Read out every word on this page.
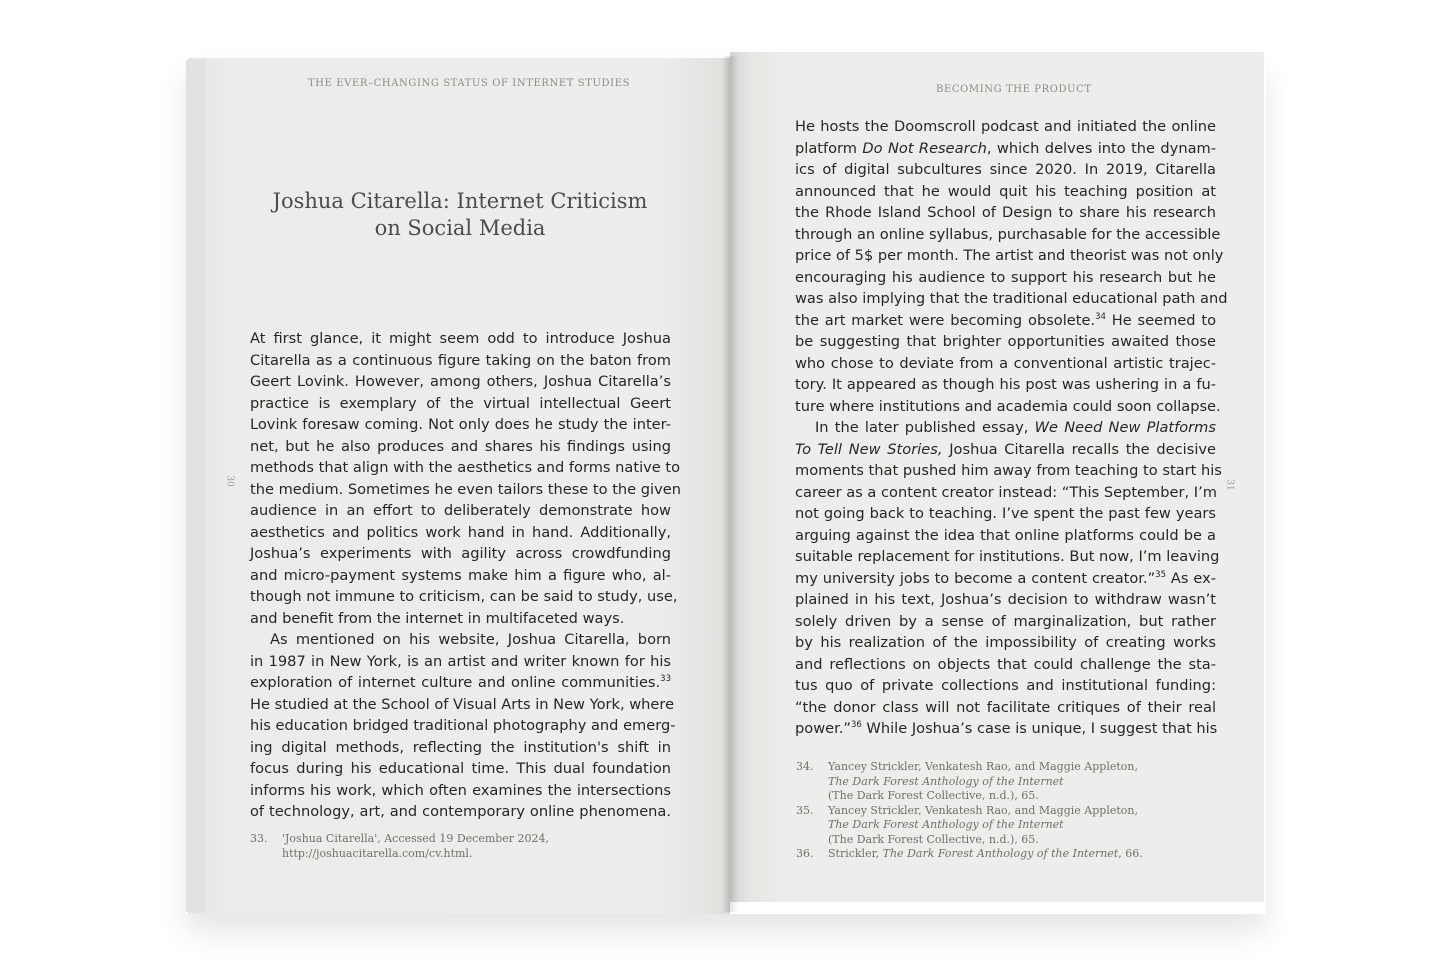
THE EVER–CHANGING STATUS OF INTERNET STUDIES
Joshua Citarella: Internet Criticism
on Social Media
30

At first glance, it might seem odd to introduce Joshua
Citarella as a continuous figure taking on the baton from
Geert Lovink. However, among others, Joshua Citarella’s
practice is exemplary of the virtual intellectual Geert
Lovink foresaw coming. Not only does he study the inter-
net, but he also produces and shares his findings using
methods that align with the aesthetics and forms native to
the medium. Sometimes he even tailors these to the given
audience in an effort to deliberately demonstrate how
aesthetics and politics work hand in hand. Additionally,
Joshua’s experiments with agility across crowdfunding
and micro-payment systems make him a figure who, al-
though not immune to criticism, can be said to study, use,
and benefit from the internet in multifaceted ways.

As mentioned on his website, Joshua Citarella, born
in 1987 in New York, is an artist and writer known for his
exploration of internet culture and online communities.$^{33}$
He studied at the School of Visual Arts in New York, where
his education bridged traditional photography and emerg-
ing digital methods, reflecting the institution's shift in
focus during his educational time. This dual foundation
informs his work, which often examines the intersections
of technology, art, and contemporary online phenomena.

33.	'Joshua Citarella', Accessed 19 December 2024,
http://joshuacitarella.com/cv.html.
BECOMING THE PRODUCT
31

He hosts the Doomscroll podcast and initiated the online
platform Do Not Research, which delves into the dynam-
ics of digital subcultures since 2020. In 2019, Citarella
announced that he would quit his teaching position at
the Rhode Island School of Design to share his research
through an online syllabus, purchasable for the accessible
price of 5$ per month. The artist and theorist was not only
encouraging his audience to support his research but he
was also implying that the traditional educational path and
the art market were becoming obsolete.$^{34}$ He seemed to
be suggesting that brighter opportunities awaited those
who chose to deviate from a conventional artistic trajec-
tory. It appeared as though his post was ushering in a fu-
ture where institutions and academia could soon collapse.

In the later published essay, We Need New Platforms
To Tell New Stories, Joshua Citarella recalls the decisive
moments that pushed him away from teaching to start his
career as a content creator instead: “This September, I’m
not going back to teaching. I’ve spent the past few years
arguing against the idea that online platforms could be a
suitable replacement for institutions. But now, I’m leaving
my university jobs to become a content creator.”$^{35}$ As ex-
plained in his text, Joshua’s decision to withdraw wasn’t
solely driven by a sense of marginalization, but rather
by his realization of the impossibility of creating works
and reflections on objects that could challenge the sta-
tus quo of private collections and institutional funding:
“the donor class will not facilitate critiques of their real
power.”$^{36}$ While Joshua’s case is unique, I suggest that his

34.	Yancey Strickler, Venkatesh Rao, and Maggie Appleton,
The Dark Forest Anthology of the Internet
(The Dark Forest Collective, n.d.), 65.
35.	Yancey Strickler, Venkatesh Rao, and Maggie Appleton,
The Dark Forest Anthology of the Internet
(The Dark Forest Collective, n.d.), 65.
36.	Strickler, The Dark Forest Anthology of the Internet, 66.
